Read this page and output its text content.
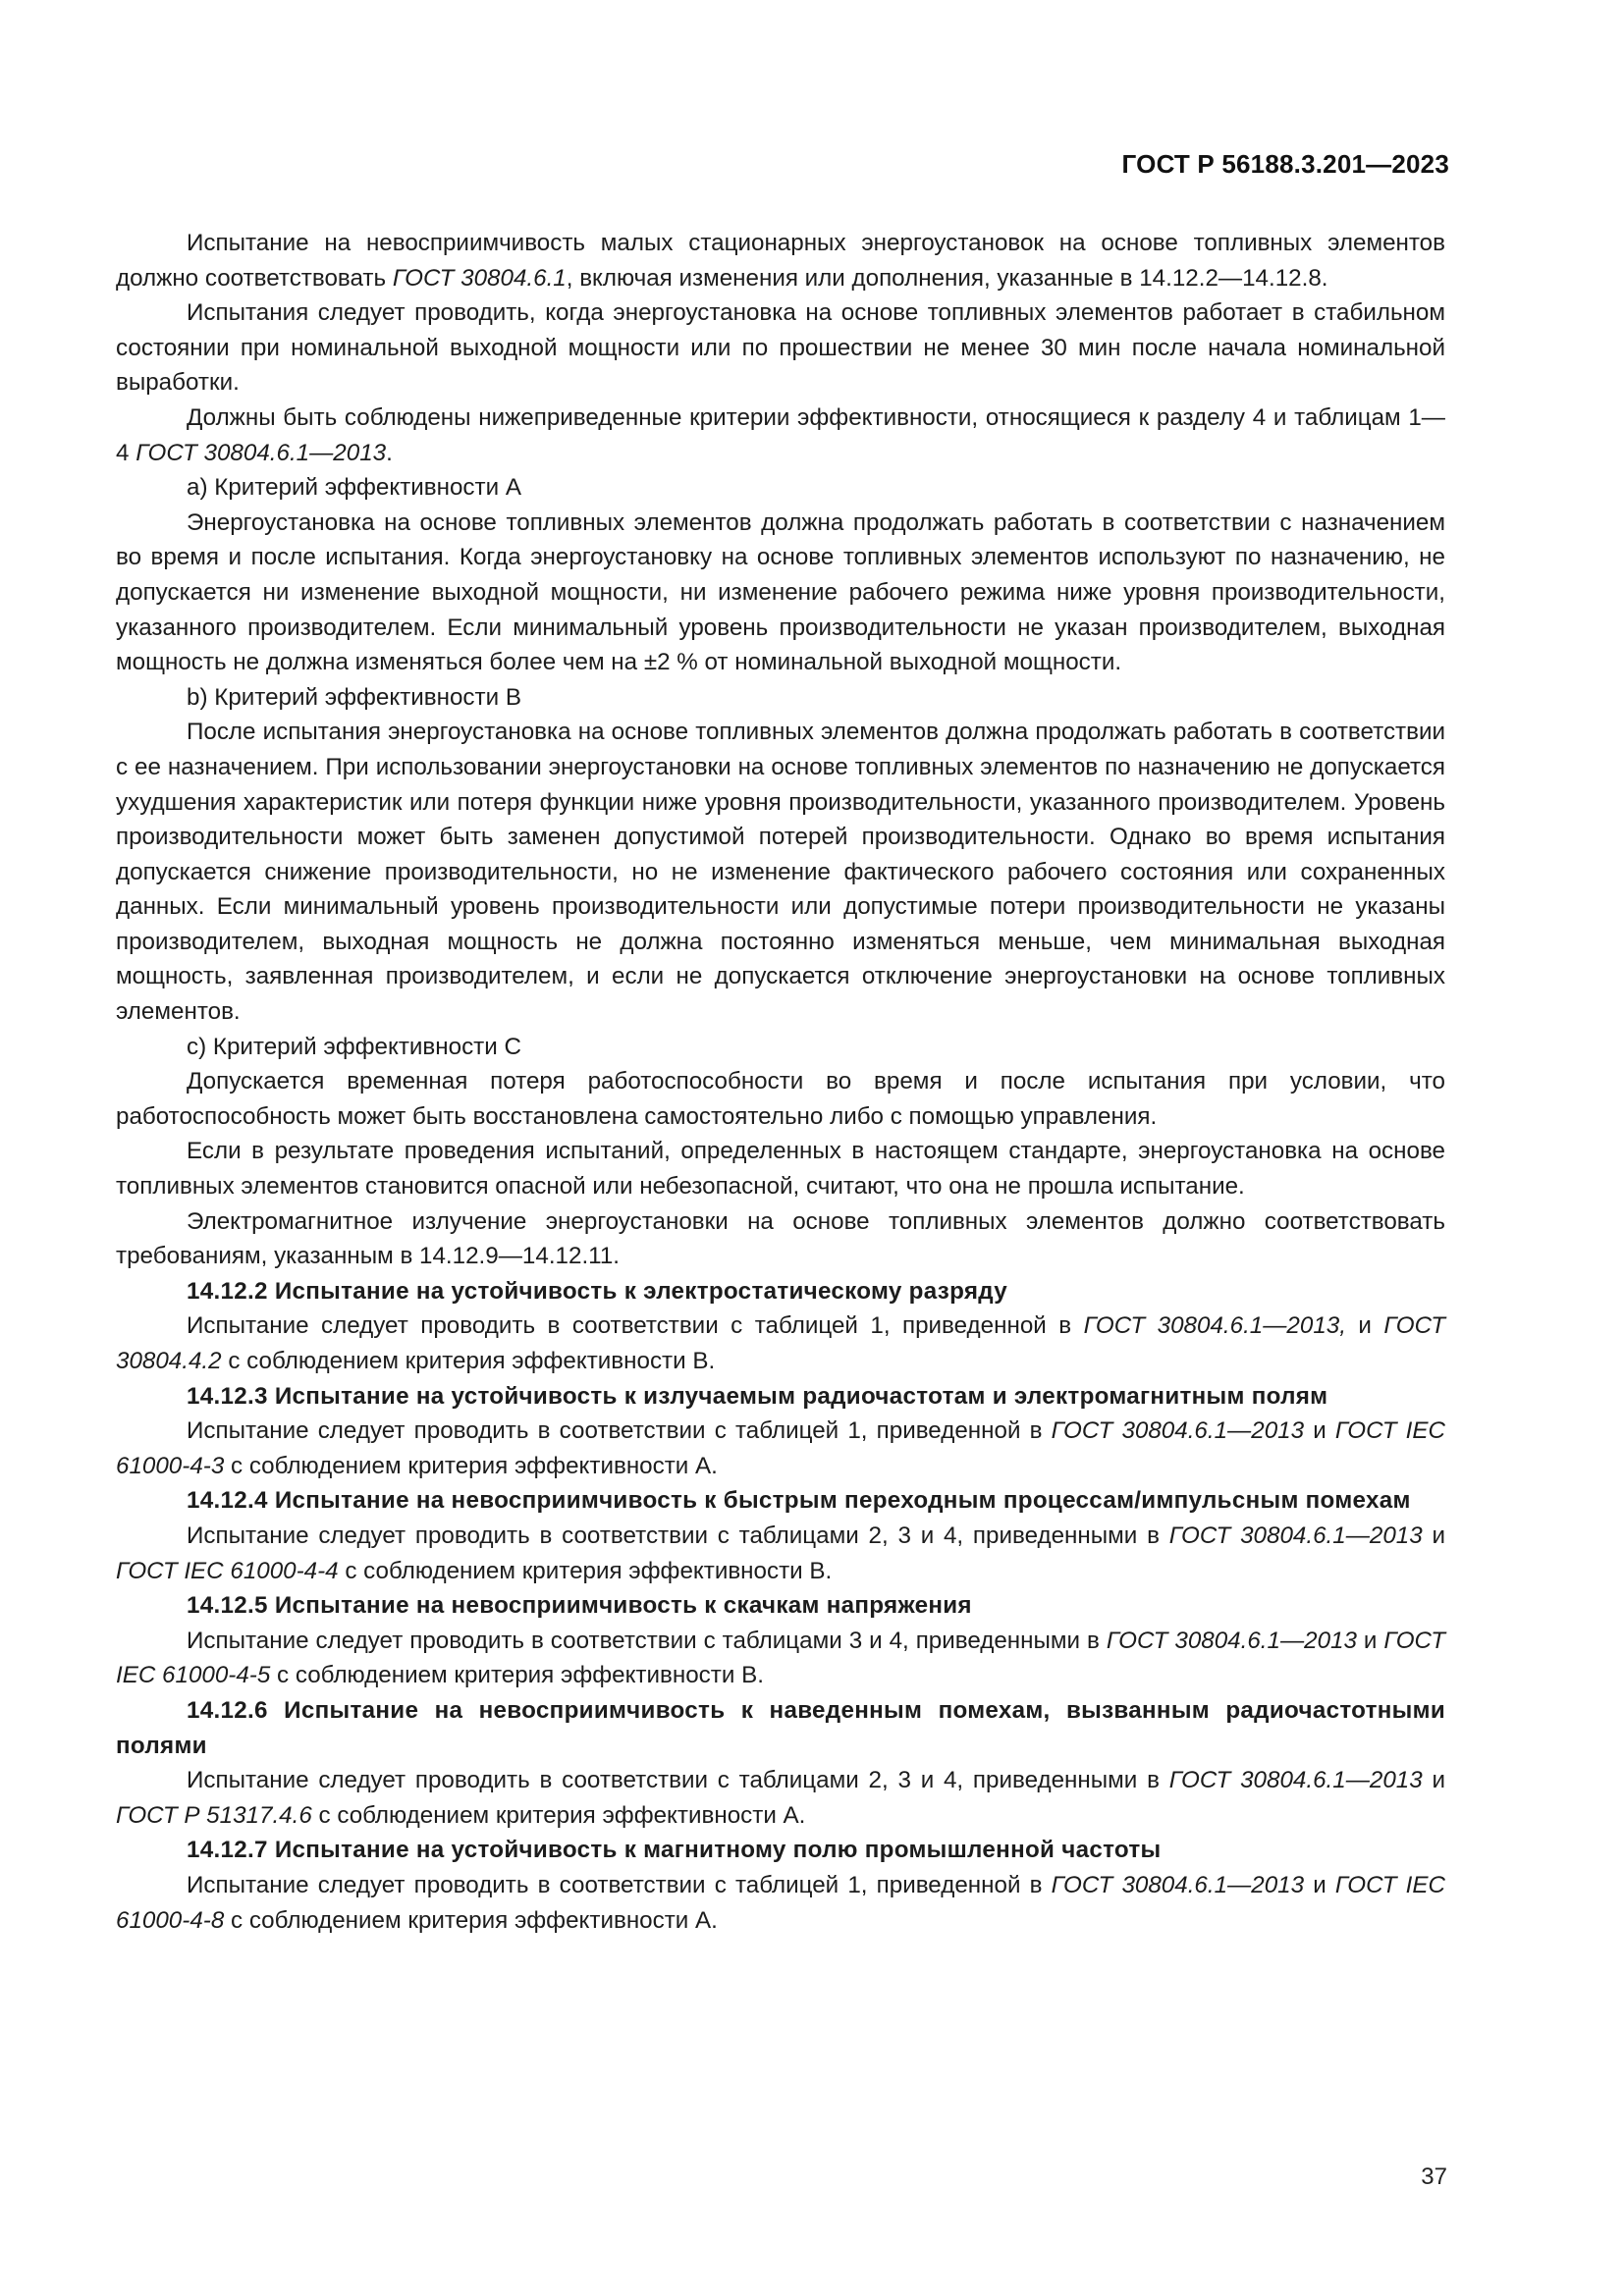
ГОСТ Р 56188.3.201—2023

Испытание на невосприимчивость малых стационарных энергоустановок на основе топливных элементов должно соответствовать ГОСТ 30804.6.1, включая изменения или дополнения, указанные в 14.12.2—14.12.8.

Испытания следует проводить, когда энергоустановка на основе топливных элементов работает в стабильном состоянии при номинальной выходной мощности или по прошествии не менее 30 мин после начала номинальной выработки.

Должны быть соблюдены нижеприведенные критерии эффективности, относящиеся к разделу 4 и таблицам 1—4 ГОСТ 30804.6.1—2013.

a) Критерий эффективности А

Энергоустановка на основе топливных элементов должна продолжать работать в соответствии с назначением во время и после испытания. Когда энергоустановку на основе топливных элементов используют по назначению, не допускается ни изменение выходной мощности, ни изменение рабочего режима ниже уровня производительности, указанного производителем. Если минимальный уровень производительности не указан производителем, выходная мощность не должна изменяться более чем на ±2 % от номинальной выходной мощности.

b) Критерий эффективности В

После испытания энергоустановка на основе топливных элементов должна продолжать работать в соответствии с ее назначением. При использовании энергоустановки на основе топливных элементов по назначению не допускается ухудшения характеристик или потеря функции ниже уровня производительности, указанного производителем. Уровень производительности может быть заменен допустимой потерей производительности. Однако во время испытания допускается снижение производительности, но не изменение фактического рабочего состояния или сохраненных данных. Если минимальный уровень производительности или допустимые потери производительности не указаны производителем, выходная мощность не должна постоянно изменяться меньше, чем минимальная выходная мощность, заявленная производителем, и если не допускается отключение энергоустановки на основе топливных элементов.

c) Критерий эффективности С

Допускается временная потеря работоспособности во время и после испытания при условии, что работоспособность может быть восстановлена самостоятельно либо с помощью управления.

Если в результате проведения испытаний, определенных в настоящем стандарте, энергоустановка на основе топливных элементов становится опасной или небезопасной, считают, что она не прошла испытание.

Электромагнитное излучение энергоустановки на основе топливных элементов должно соответствовать требованиям, указанным в 14.12.9—14.12.11.

14.12.2 Испытание на устойчивость к электростатическому разряду

Испытание следует проводить в соответствии с таблицей 1, приведенной в ГОСТ 30804.6.1—2013, и ГОСТ 30804.4.2 с соблюдением критерия эффективности В.

14.12.3 Испытание на устойчивость к излучаемым радиочастотам и электромагнитным полям

Испытание следует проводить в соответствии с таблицей 1, приведенной в ГОСТ 30804.6.1—2013 и ГОСТ IEC 61000-4-3 с соблюдением критерия эффективности А.

14.12.4 Испытание на невосприимчивость к быстрым переходным процессам/импульсным помехам

Испытание следует проводить в соответствии с таблицами 2, 3 и 4, приведенными в ГОСТ 30804.6.1—2013 и ГОСТ IEC 61000-4-4 с соблюдением критерия эффективности В.

14.12.5 Испытание на невосприимчивость к скачкам напряжения

Испытание следует проводить в соответствии с таблицами 3 и 4, приведенными в ГОСТ 30804.6.1—2013 и ГОСТ IEC 61000-4-5 с соблюдением критерия эффективности В.

14.12.6 Испытание на невосприимчивость к наведенным помехам, вызванным радиочастотными полями

Испытание следует проводить в соответствии с таблицами 2, 3 и 4, приведенными в ГОСТ 30804.6.1—2013 и ГОСТ Р 51317.4.6 с соблюдением критерия эффективности А.

14.12.7 Испытание на устойчивость к магнитному полю промышленной частоты

Испытание следует проводить в соответствии с таблицей 1, приведенной в ГОСТ 30804.6.1—2013 и ГОСТ IEC 61000-4-8 с соблюдением критерия эффективности А.

37
